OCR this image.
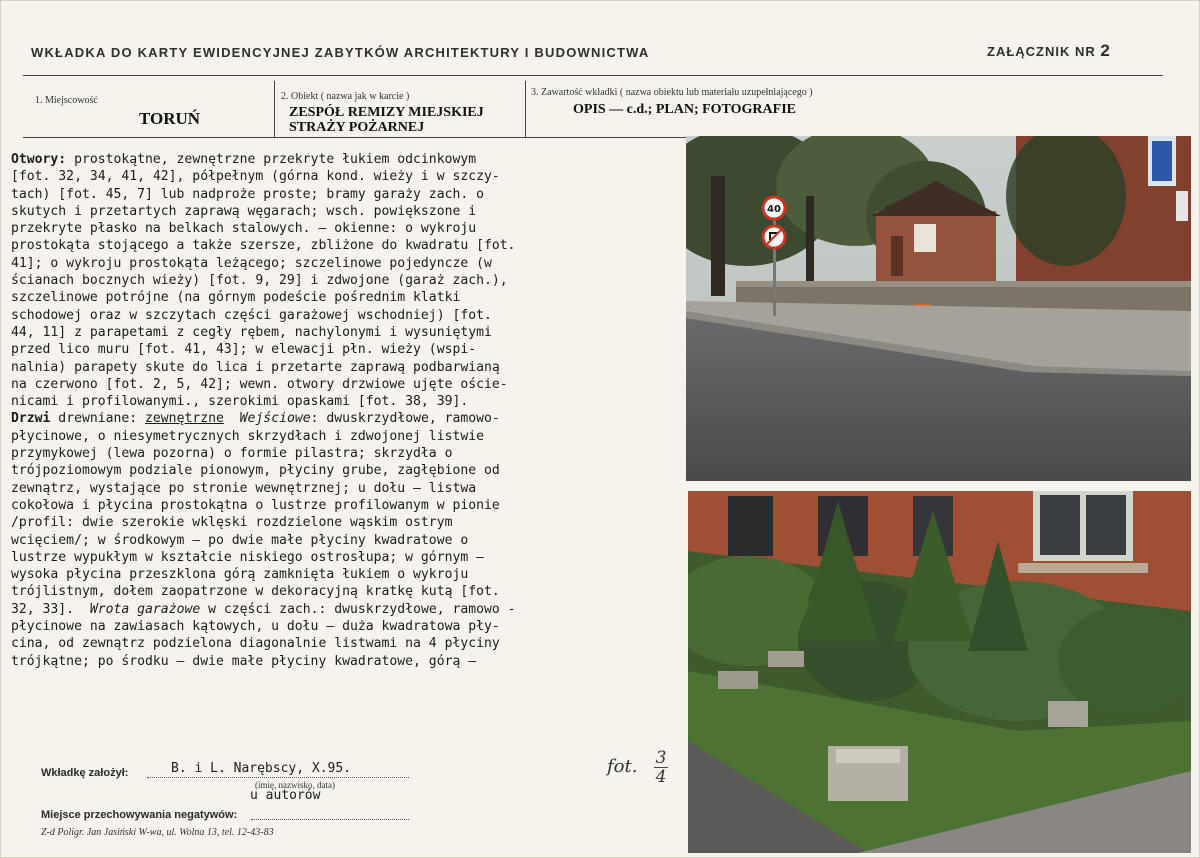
WKŁADKA DO KARTY EWIDENCYJNEJ ZABYTKÓW ARCHITEKTURY I BUDOWNICTWA	ZAŁĄCZNIK NR 2
1. Miejscowość
TORUŃ
2. Obiekt ( nazwa jak w karcie )
ZESPÓŁ REMIZY MIEJSKIEJ
STRAŻY POŻARNEJ
3. Zawartość wkładki ( nazwa obiektu lub materiału uzupełniającego )
OPIS — c.d.; PLAN; FOTOGRAFIE
Otwory: prostokątne, zewnętrzne przekryte łukiem odcinkowym
[fot. 32, 34, 41, 42], półpełnym (górna kond. wieży i w szczy-
tach) [fot. 45, 7] lub nadproże proste; bramy garaży zach. o
skutych i przetartych zaprawą węgarach; wsch. powiększone i
przekryte płasko na belkach stalowych. — okienne: o wykroju
prostokąta stojącego a także szersze, zbliżone do kwadratu [fot.
41]; o wykroju prostokąta leżącego; szczelinowe pojedyncze (w
ścianach bocznych wieży) [fot. 9, 29] i zdwojone (garaż zach.),
szczelinowe potrójne (na górnym podeście pośrednim klatki
schodowej oraz w szczytach części garażowej wschodniej) [fot.
44, 11] z parapetami z cegły rębem, nachylonymi i wysuniętymi
przed lico muru [fot. 41, 43]; w elewacji płn. wieży (wspi-
nalnia) parapety skute do lica i przetarte zaprawą podbarwianą
na czerwono [fot. 2, 5, 42]; wewn. otwory drzwiowe ujęte oście-
nicami i profilowanymi., szerokimi opaskami [fot. 38, 39].
Drzwi drewniane: zewnętrzne Wejściowe: dwuskrzydłowe, ramowo-
płycinowe, o niesymetrycznych skrzydłach i zdwojonej listwie
przymykowej (lewa pozorna) o formie pilastra; skrzydła o
trójpoziomowym podziale pionowym, płyciny grube, zagłębione od
zewnątrz, wystające po stronie wewnętrznej; u dołu — listwa
cokołowa i płycina prostokątna o lustrze profilowanym w pionie
/profil: dwie szerokie wklęski rozdzielone wąskim ostrym
wcięciem/; w środkowym — po dwie małe płyciny kwadratowe o
lustrze wypukłym w kształcie niskiego ostrosłupa; w górnym —
wysoka płycina przeszklona górą zamknięta łukiem o wykroju
trójlistnym, dołem zaopatrzone w dekoracyjną kratkę kutą [fot.
32, 33]. Wrota garażowe w części zach.: dwuskrzydłowe, ramowo -
płycinowe na zawiasach kątowych, u dołu — duża kwadratowa pły-
cina, od zewnątrz podzielona diagonalnie listwami na 4 płyciny
trójkątne; po środku — dwie małe płyciny kwadratowe, górą —
Wkładkę założył:	B. i L. Narębscy, X.95.
(imię, nazwisko, data)
u autorów
Miejsce przechowywania negatywów:
Z-d Poligr. Jan Jasiński W-wa, ul. Wolna 13, tel. 12-43-83
fot. 3
4
40
